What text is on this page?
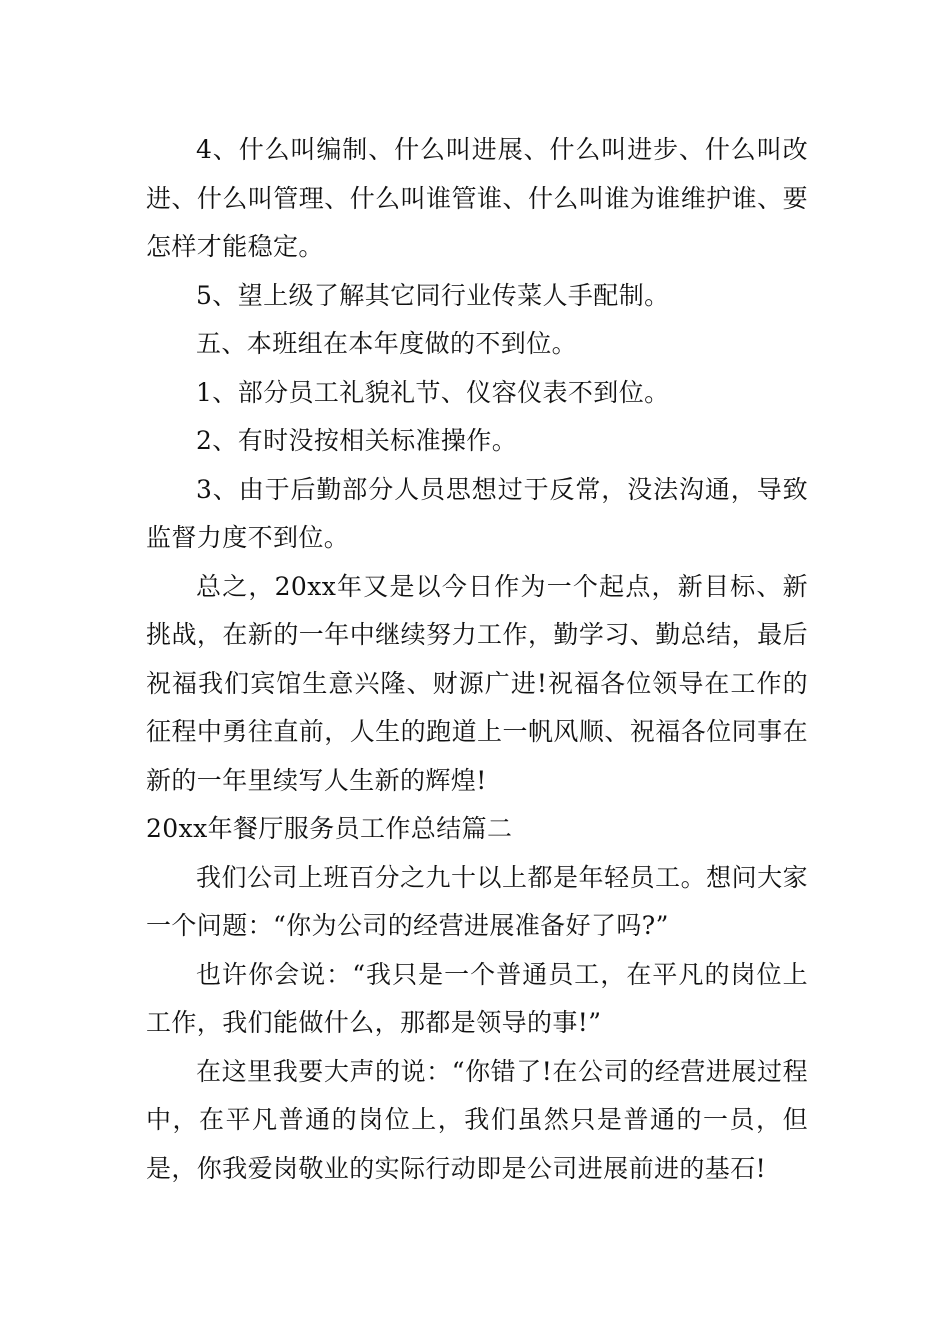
4、什么叫编制、什么叫进展、什么叫进步、什么叫改进、什么叫管理、什么叫谁管谁、什么叫谁为谁维护谁、要怎样才能稳定。

5、望上级了解其它同行业传菜人手配制。

五、本班组在本年度做的不到位。

1、部分员工礼貌礼节、仪容仪表不到位。

2、有时没按相关标准操作。

3、由于后勤部分人员思想过于反常，没法沟通，导致监督力度不到位。

总之，20xx年又是以今日作为一个起点，新目标、新挑战，在新的一年中继续努力工作，勤学习、勤总结，最后祝福我们宾馆生意兴隆、财源广进!祝福各位领导在工作的征程中勇往直前，人生的跑道上一帆风顺、祝福各位同事在新的一年里续写人生新的辉煌!

20xx年餐厅服务员工作总结篇二

我们公司上班百分之九十以上都是年轻员工。想问大家一个问题：“你为公司的经营进展准备好了吗?”

也许你会说：“我只是一个普通员工，在平凡的岗位上工作，我们能做什么，那都是领导的事!”

在这里我要大声的说：“你错了!在公司的经营进展过程中，在平凡普通的岗位上，我们虽然只是普通的一员，但是，你我爱岗敬业的实际行动即是公司进展前进的基石!
